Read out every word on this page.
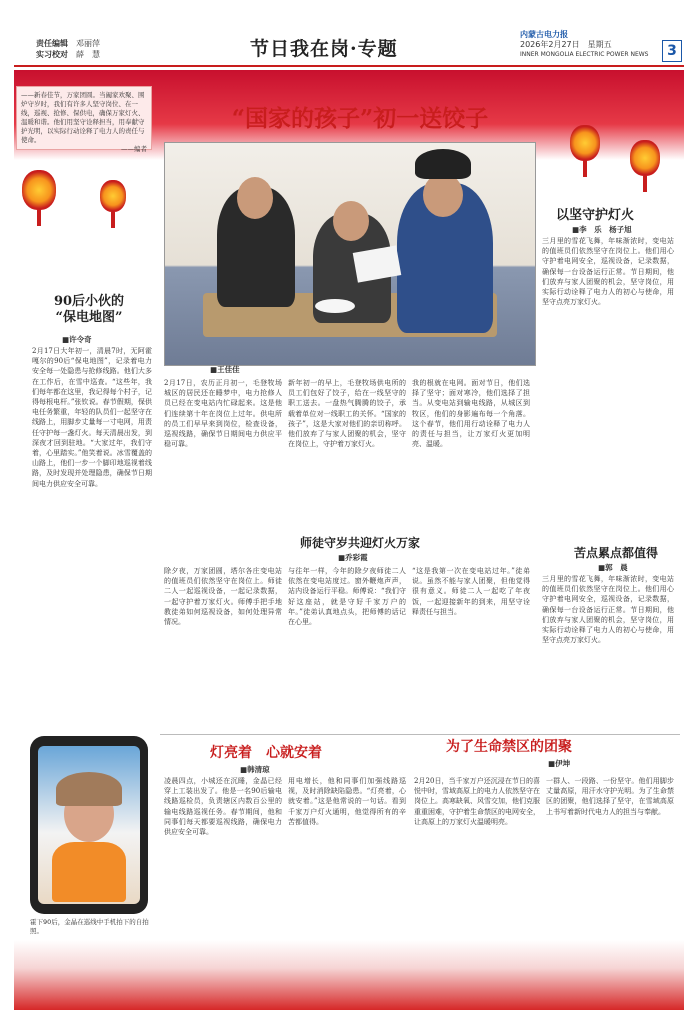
责任编辑　 邓丽萍
实习校对　 薛　慧	节日我在岗·专题
内蒙古电力报
2026年2月27日　星期五
INNER MONGOLIA ELECTRIC POWER NEWS	3
——新春佳节，万家团圆。当阖家欢聚、围炉守岁时，我们有许多人坚守岗位、在一线，巡视、抢修、保供电，确保万家灯火、温暖和谐。他们用坚守诠释担当，用奉献守护光明，以实际行动诠释了电力人的责任与使命。
——编者
“国家的孩子”初一送饺子
90后小伙的
“保电地图”
■许令奇
2月17日大年初一，清晨7时，无阿霍嘎尔的90后“保电地图”，记录着电力安全每一处隐患与抢修线路。他们大多在工作后，在雪中巡查。“这些年，我们每年都在这里，我记得每个村子，记得每根电杆。”张钦说。春节假期，保供电任务繁重，年轻的队员们一起坚守在线路上，用脚步丈量每一寸电网，用责任守护每一盏灯火。每天清晨出发，到深夜才回到驻地。“大家过年，我们守着，心里踏实。”他笑着说。冰雪覆盖的山路上，他们一步一个脚印地巡视着线路，及时发现并处理隐患，确保节日期间电力供应安全可靠。
■王佳佳
2月17日，农历正月初一，毛登牧场城区的居民还在睡梦中，电力抢修人员已经在变电站内忙碌起来。这是他们连续第十年在岗位上过年。供电所的员工们早早来到岗位，检查设备，巡视线路，确保节日期间电力供应平稳可靠。
新年初一的早上，毛登牧场供电所的员工们包好了饺子，给在一线坚守的职工送去。一盘热气腾腾的饺子，承载着单位对一线职工的关怀。“国家的孩子”，这是大家对他们的亲切称呼。他们放弃了与家人团聚的机会，坚守在岗位上，守护着万家灯火。
我的根就在电网。面对节日，他们选择了坚守；面对寒冷，他们选择了担当。从变电站到输电线路，从城区到牧区，他们的身影遍布每一个角落。这个春节，他们用行动诠释了电力人的责任与担当，让万家灯火更加明亮、温暖。
以坚守护灯火
■李　乐　杨子旭
三月里的雪花飞舞，年味渐浓时，变电站的值班员们依然坚守在岗位上。他们用心守护着电网安全，巡视设备，记录数据，确保每一台设备运行正常。节日期间，他们放弃与家人团聚的机会，坚守岗位，用实际行动诠释了电力人的初心与使命，用坚守点亮万家灯火。
苦点累点都值得
■郭　晨
三月里的雪花飞舞，年味渐浓时，变电站的值班员们依然坚守在岗位上。他们用心守护着电网安全，巡视设备，记录数据，确保每一台设备运行正常。节日期间，他们放弃与家人团聚的机会，坚守岗位，用实际行动诠释了电力人的初心与使命，用坚守点亮万家灯火。
师徒守岁共迎灯火万家
■乔彩霞
除夕夜，万家团圆，塔尔各庄变电站的值班员们依然坚守在岗位上。师徒二人一起巡视设备，一起记录数据，一起守护着万家灯火。师傅手把手地教徒弟如何巡视设备，如何处理异常情况。
与往年一样，今年的除夕夜师徒二人依然在变电站度过。窗外鞭炮声声，站内设备运行平稳。师傅说：“我们守好这座站，就是守好千家万户的年。”徒弟认真地点头，把师傅的话记在心里。
“这是我第一次在变电站过年。”徒弟说。虽然不能与家人团聚，但他觉得很有意义。师徒二人一起吃了年夜饭，一起迎接新年的到来，用坚守诠释责任与担当。
灯亮着　心就安着
■韩清琼
凌晨四点，小城还在沉睡，金晶已经穿上工装出发了。他是一名90后输电线路巡检员，负责辖区内数百公里的输电线路巡视任务。春节期间，他和同事们每天都要巡视线路，确保电力供应安全可靠。
用电增长，他和同事们加强线路巡视，及时消除缺陷隐患。“灯亮着，心就安着。”这是他常说的一句话。看到千家万户灯火通明，他觉得所有的辛苦都值得。
霍下90后，金晶在巡线中手机拍下的自拍照。
为了生命禁区的团聚
■伊坤
2月20日，当千家万户还沉浸在节日的喜悦中时，雪域高原上的电力人依然坚守在岗位上。高寒缺氧、风雪交加，他们克服重重困难，守护着生命禁区的电网安全，让高原上的万家灯火温暖明亮。
一群人、一段路、一份坚守。他们用脚步丈量高原，用汗水守护光明。为了生命禁区的团聚，他们选择了坚守，在雪域高原上书写着新时代电力人的担当与奉献。
